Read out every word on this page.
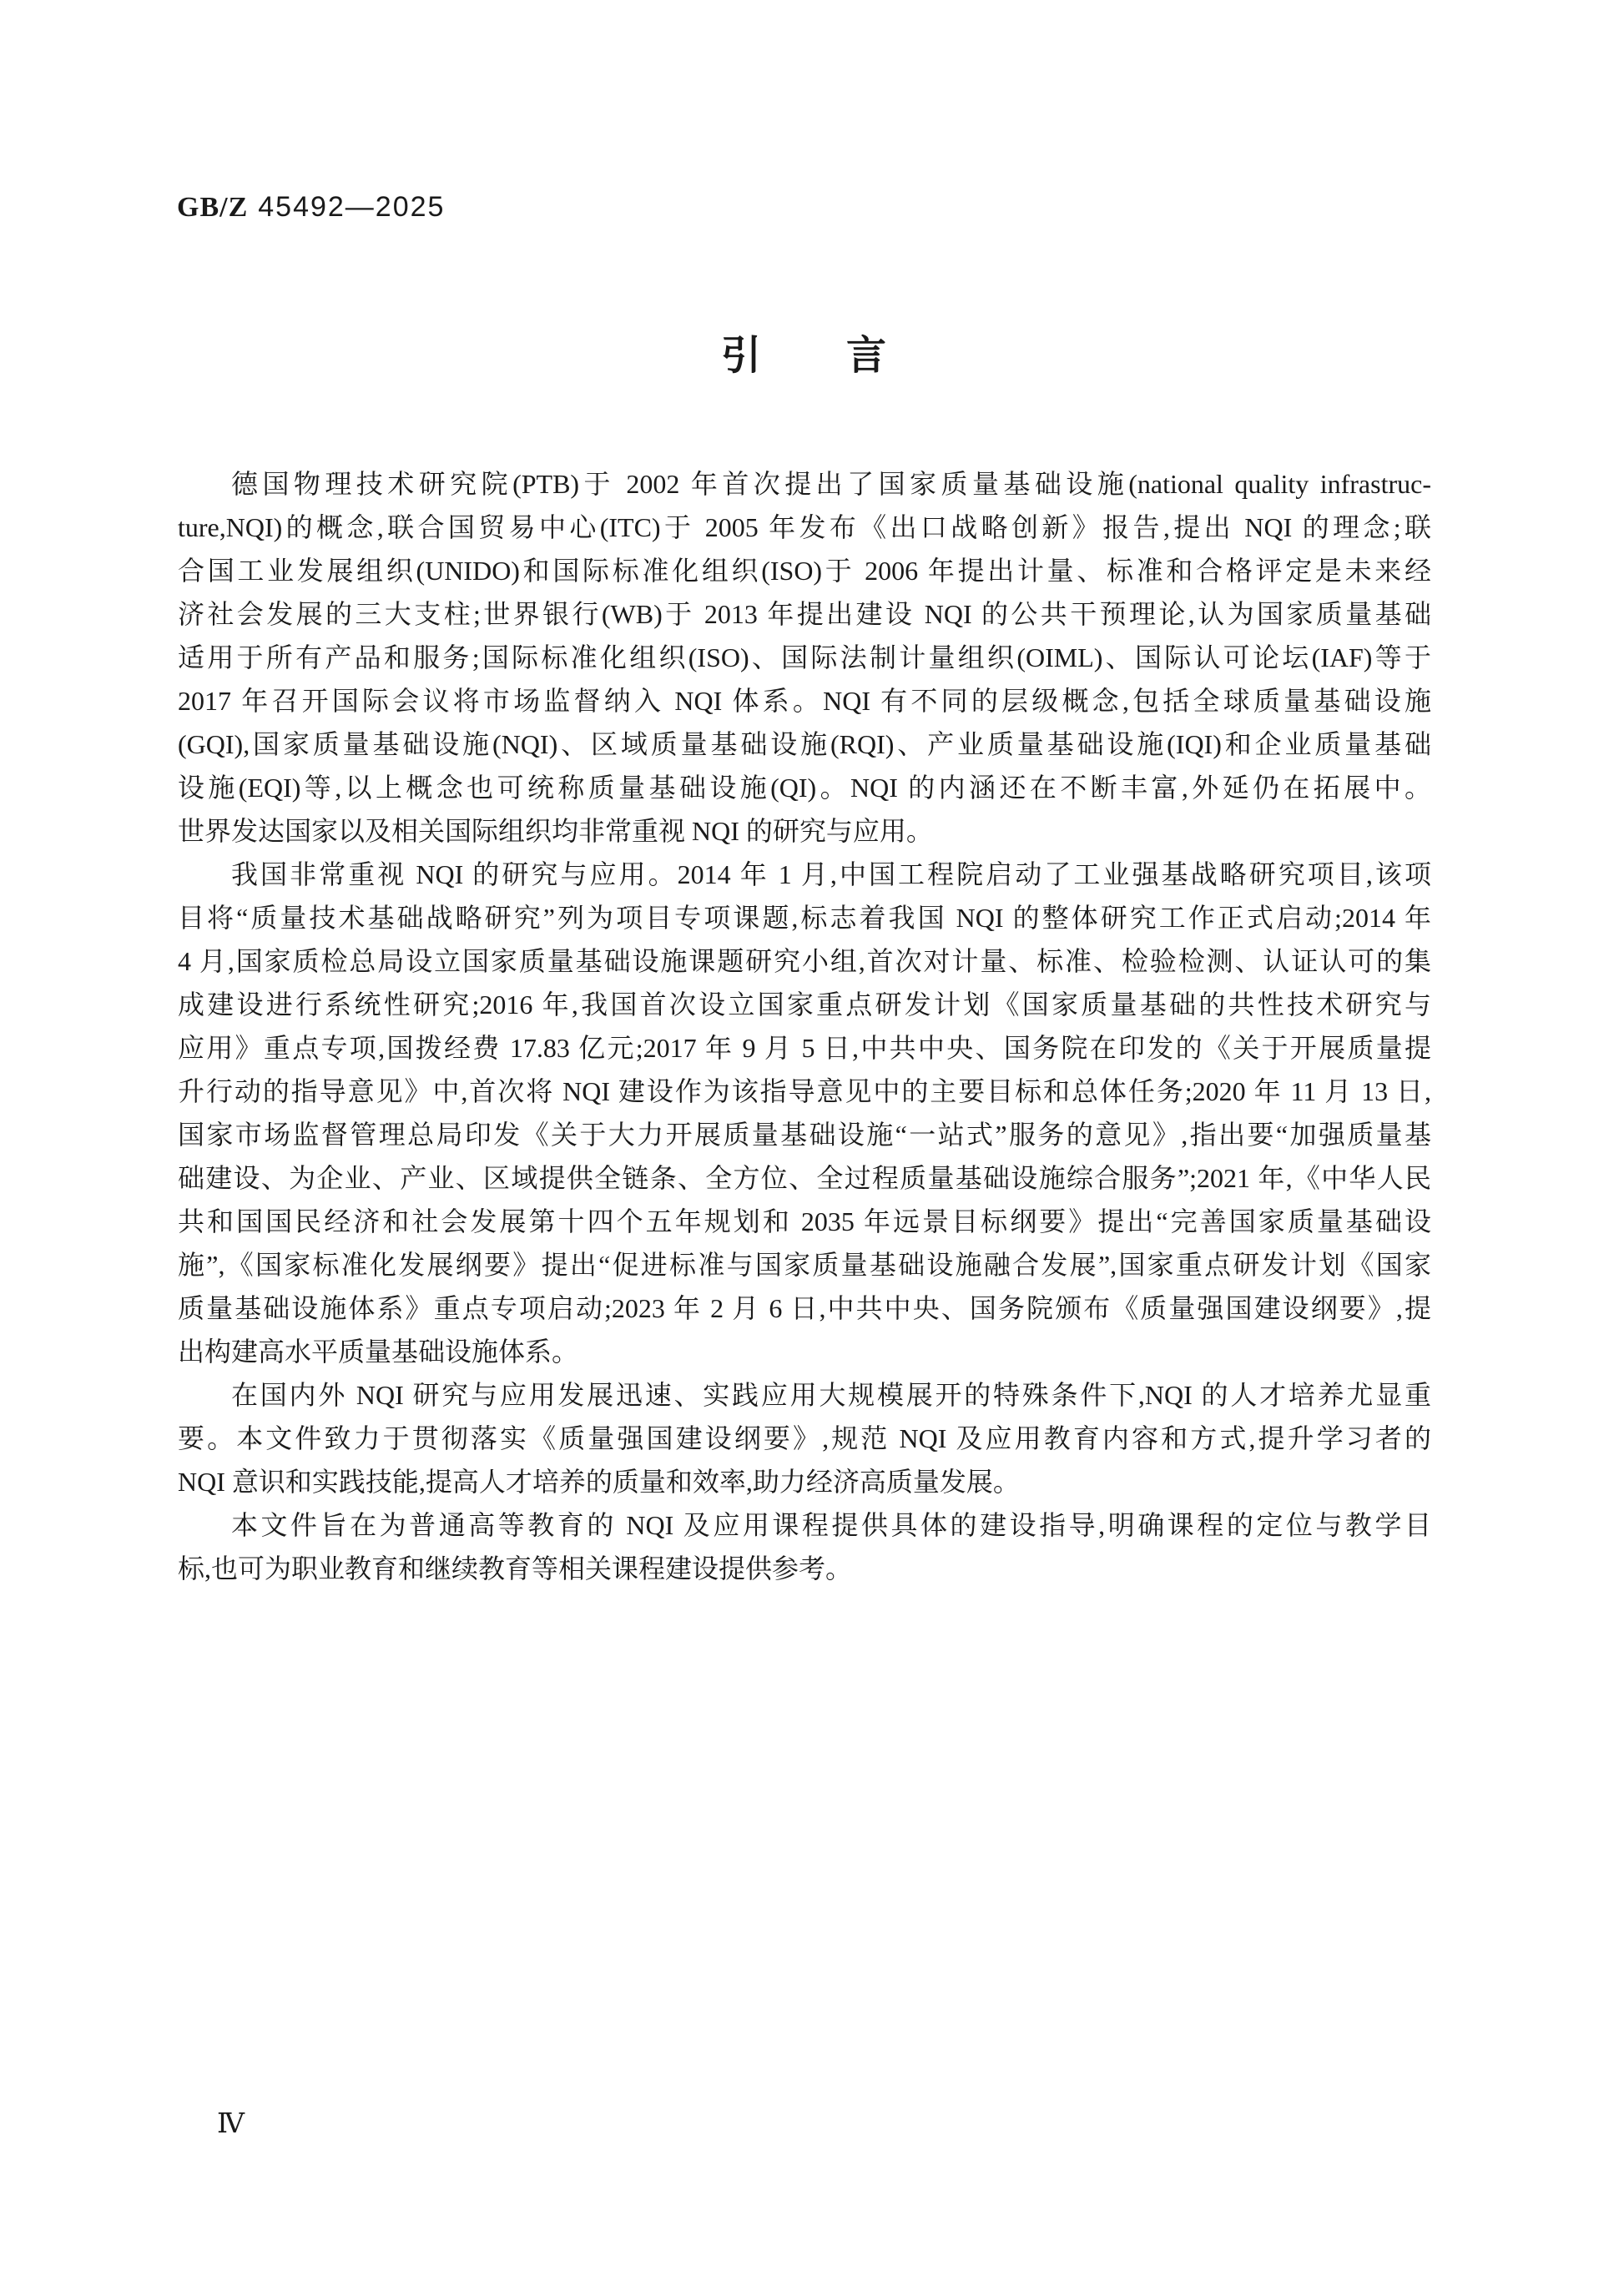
GB/Z 45492—2025
引　　言
德国物理技术研究院(PTB)于 2002 年首次提出了国家质量基础设施(national quality infrastruc-
ture,NQI)的概念,联合国贸易中心(ITC)于 2005 年发布《出口战略创新》报告,提出 NQI 的理念;联
合国工业发展组织(UNIDO)和国际标准化组织(ISO)于 2006 年提出计量、标准和合格评定是未来经
济社会发展的三大支柱;世界银行(WB)于 2013 年提出建设 NQI 的公共干预理论,认为国家质量基础
适用于所有产品和服务;国际标准化组织(ISO)、国际法制计量组织(OIML)、国际认可论坛(IAF)等于
2017 年召开国际会议将市场监督纳入 NQI 体系。NQI 有不同的层级概念,包括全球质量基础设施
(GQI),国家质量基础设施(NQI)、区域质量基础设施(RQI)、产业质量基础设施(IQI)和企业质量基础
设施(EQI)等,以上概念也可统称质量基础设施(QI)。NQI 的内涵还在不断丰富,外延仍在拓展中。
世界发达国家以及相关国际组织均非常重视 NQI 的研究与应用。
我国非常重视 NQI 的研究与应用。2014 年 1 月,中国工程院启动了工业强基战略研究项目,该项
目将“质量技术基础战略研究”列为项目专项课题,标志着我国 NQI 的整体研究工作正式启动;2014 年
4 月,国家质检总局设立国家质量基础设施课题研究小组,首次对计量、标准、检验检测、认证认可的集
成建设进行系统性研究;2016 年,我国首次设立国家重点研发计划《国家质量基础的共性技术研究与
应用》重点专项,国拨经费 17.83 亿元;2017 年 9 月 5 日,中共中央、国务院在印发的《关于开展质量提
升行动的指导意见》中,首次将 NQI 建设作为该指导意见中的主要目标和总体任务;2020 年 11 月 13 日,
国家市场监督管理总局印发《关于大力开展质量基础设施“一站式”服务的意见》,指出要“加强质量基
础建设、为企业、产业、区域提供全链条、全方位、全过程质量基础设施综合服务”;2021 年,《中华人民
共和国国民经济和社会发展第十四个五年规划和 2035 年远景目标纲要》提出“完善国家质量基础设
施”,《国家标准化发展纲要》提出“促进标准与国家质量基础设施融合发展”,国家重点研发计划《国家
质量基础设施体系》重点专项启动;2023 年 2 月 6 日,中共中央、国务院颁布《质量强国建设纲要》,提
出构建高水平质量基础设施体系。
在国内外 NQI 研究与应用发展迅速、实践应用大规模展开的特殊条件下,NQI 的人才培养尤显重
要。本文件致力于贯彻落实《质量强国建设纲要》,规范 NQI 及应用教育内容和方式,提升学习者的
NQI 意识和实践技能,提高人才培养的质量和效率,助力经济高质量发展。
本文件旨在为普通高等教育的 NQI 及应用课程提供具体的建设指导,明确课程的定位与教学目
标,也可为职业教育和继续教育等相关课程建设提供参考。
Ⅳ
